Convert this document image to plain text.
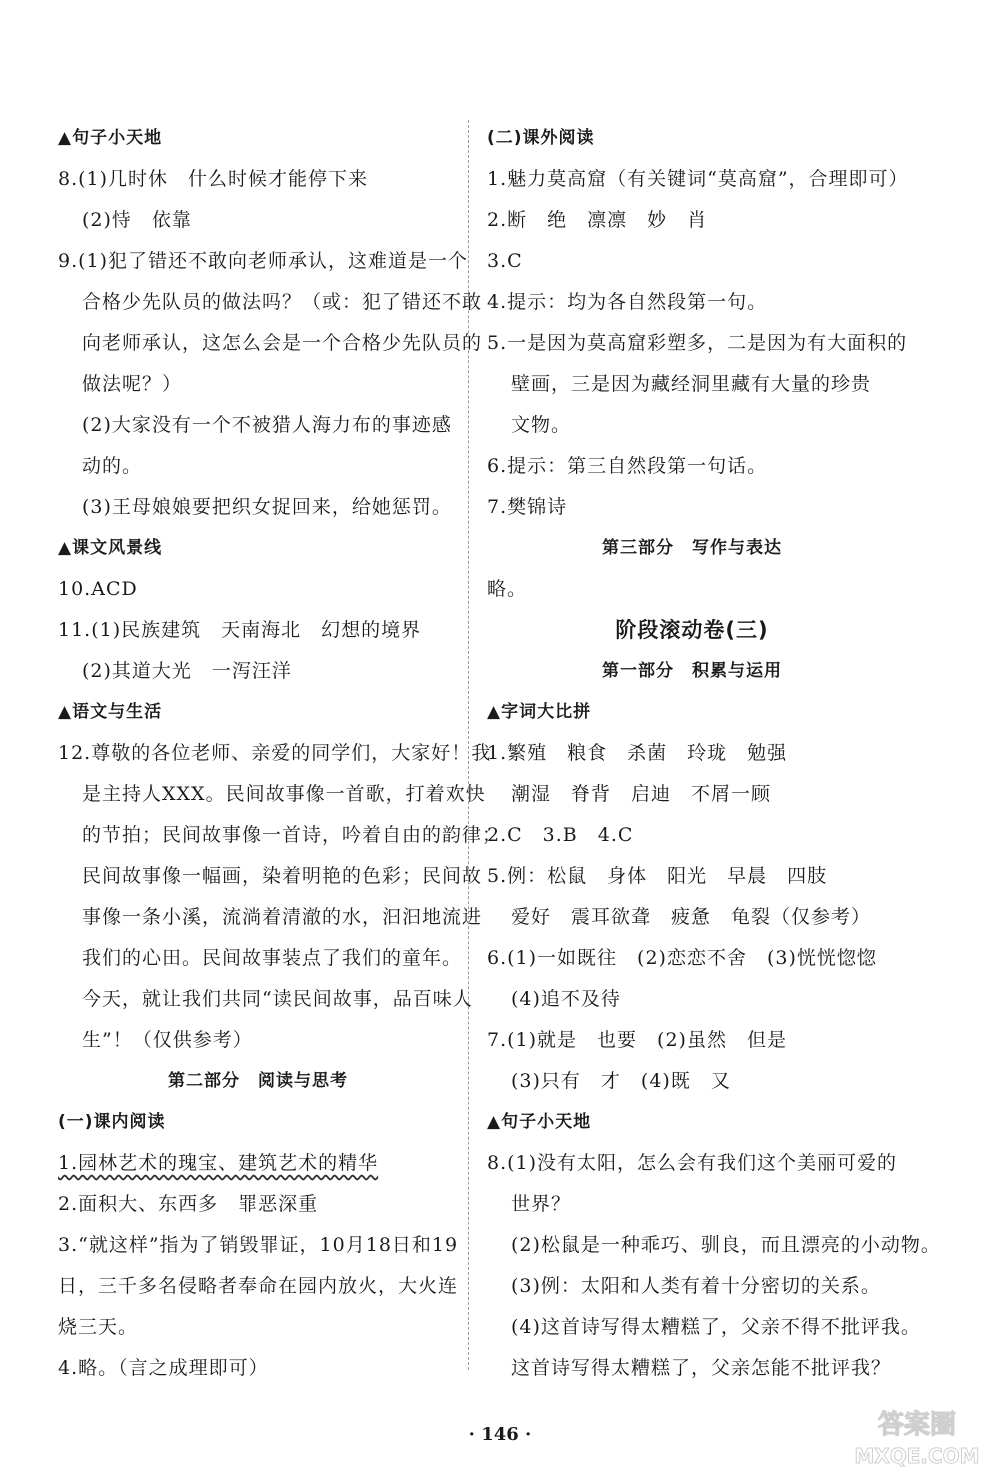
▲句子小天地
8.(1)几时休　什么时候才能停下来
(2)恃　依靠
9.(1)犯了错还不敢向老师承认，这难道是一个
合格少先队员的做法吗？（或：犯了错还不敢
向老师承认，这怎么会是一个合格少先队员的
做法呢？）
(2)大家没有一个不被猎人海力布的事迹感
动的。
(3)王母娘娘要把织女捉回来，给她惩罚。
▲课文风景线
10.ACD
11.(1)民族建筑　天南海北　幻想的境界
(2)其道大光　一泻汪洋
▲语文与生活
12.尊敬的各位老师、亲爱的同学们，大家好！我
是主持人XXX。民间故事像一首歌，打着欢快
的节拍；民间故事像一首诗，吟着自由的韵律；
民间故事像一幅画，染着明艳的色彩；民间故
事像一条小溪，流淌着清澈的水，汩汩地流进
我们的心田。民间故事装点了我们的童年。
今天，就让我们共同“读民间故事，品百味人
生”！（仅供参考）
第二部分　阅读与思考
(一)课内阅读
1.园林艺术的瑰宝、建筑艺术的精华
2.面积大、东西多　罪恶深重
3.“就这样”指为了销毁罪证，10月18日和19
日，三千多名侵略者奉命在园内放火，大火连
烧三天。
4.略。（言之成理即可）
(二)课外阅读
1.魅力莫高窟（有关键词“莫高窟”，合理即可）
2.断　绝　凛凛　妙　肖
3.C
4.提示：均为各自然段第一句。
5.一是因为莫高窟彩塑多，二是因为有大面积的
壁画，三是因为藏经洞里藏有大量的珍贵
文物。
6.提示：第三自然段第一句话。
7.樊锦诗
第三部分　写作与表达
略。
阶段滚动卷(三)
第一部分　积累与运用
▲字词大比拼
1.繁殖　粮食　杀菌　玲珑　勉强
潮湿　脊背　启迪　不屑一顾
2.C　3.B　4.C
5.例：松鼠　身体　阳光　早晨　四肢
爱好　震耳欲聋　疲惫　龟裂（仅参考）
6.(1)一如既往　(2)恋恋不舍　(3)恍恍惚惚
(4)追不及待
7.(1)就是　也要　(2)虽然　但是
(3)只有　才　(4)既　又
▲句子小天地
8.(1)没有太阳，怎么会有我们这个美丽可爱的
世界？
(2)松鼠是一种乖巧、驯良，而且漂亮的小动物。
(3)例：太阳和人类有着十分密切的关系。
(4)这首诗写得太糟糕了，父亲不得不批评我。
这首诗写得太糟糕了，父亲怎能不批评我？
· 146 ·	答案圈
MXQE.COM
